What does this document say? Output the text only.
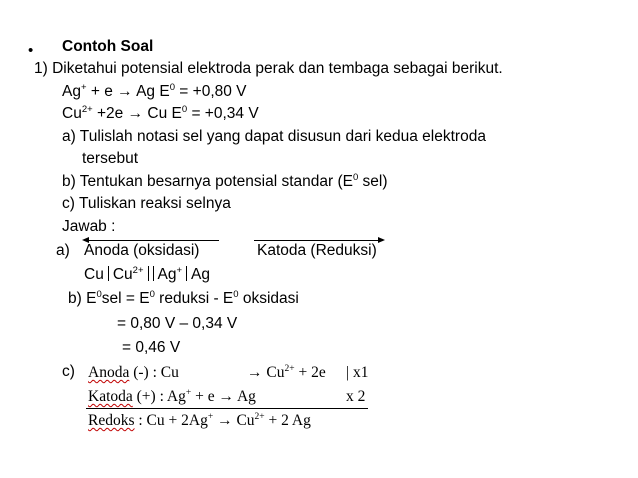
• Contoh Soal
1) Diketahui potensial elektroda perak dan tembaga sebagai berikut.
Ag+ + e → Ag $E^0 = +0,80$ V
$Cu^{2+} +2e \to Cu$ $E^0 = +0,34$ V
a) Tulislah notasi sel yang dapat disusun dari kedua elektroda
tersebut
b) Tentukan besarnya potensial standar ($E^0$ sel)
c) Tuliskan reaksi selnya
Jawab :
a) Anoda (oksidasi)	Katoda (Reduksi)
Cu $Cu^{2+}$ Ag+ Ag
b) $E^0sel = E^0$ reduksi - $E^0$ oksidasi
= 0,80 V – 0,34 V
= 0,46 V
c) Anoda (-) : Cu	→ $Cu^{2+} + 2e$ | x1
Katoda (+) : Ag+ + e → Ag	x 2
Redoks : $Cu + 2Ag^+ \to Cu^{2+} + 2$ Ag
